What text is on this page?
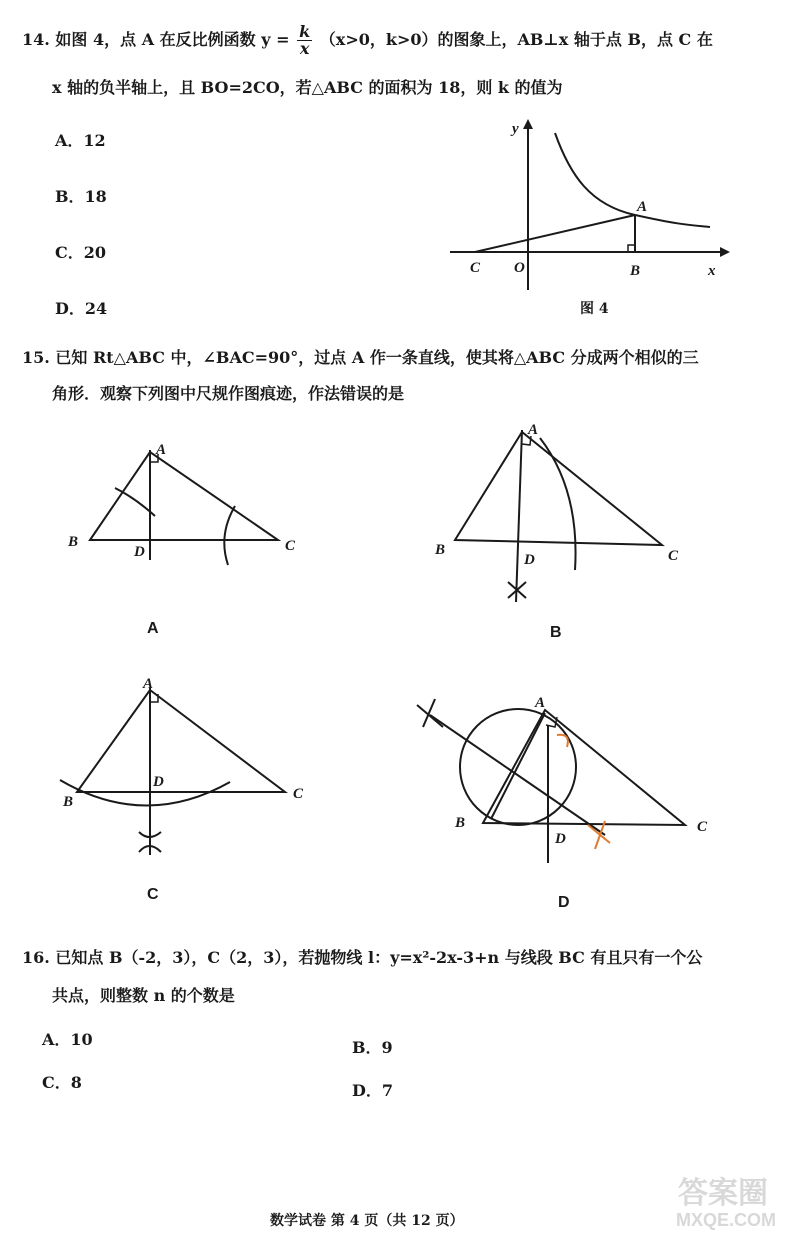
14. 如图 4，点 A 在反比例函数 $y = \frac{k}{x} (x>0$，k>0）的图象上，AB⊥x 轴于点 B，点 C 在
x 轴的负半轴上，且 BO=2CO，若△ABC 的面积为 18，则 k 的值为
A．12
B．18
C．20
D．24
y
x
A
B
C O
图 4
15. 已知 Rt△ABC 中，∠BAC=90°，过点 A 作一条直线，使其将△ABC 分成两个相似的三
角形．观察下列图中尺规作图痕迹，作法错误的是
A
B	C
D
A
A
B	C
D
B
A
B	C
D
C
A
B	C
D
D
16. 已知点 B（-2，3），C（2，3），若抛物线 l：y=x²-2x-3+n 与线段 BC 有且只有一个公
共点，则整数 n 的个数是
A．10	B．9
C．8	D．7
数学试卷 第 4 页（共 12 页）
答案圈
MXQE.COM
